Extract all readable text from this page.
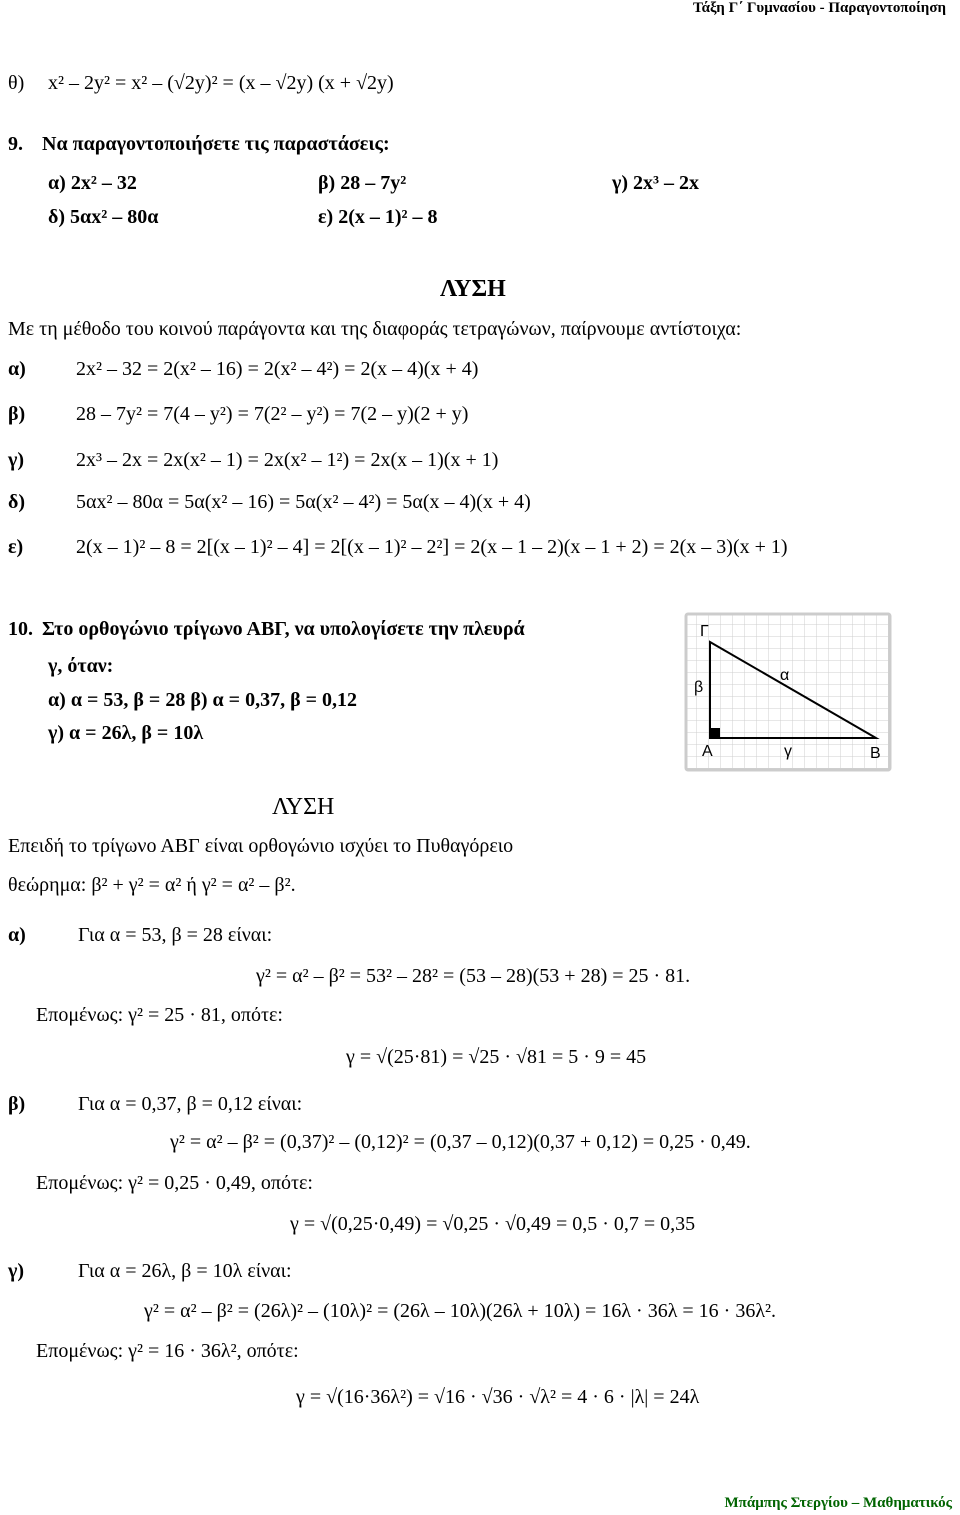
Τάξη Γ΄ Γυμνασίου - Παραγοντοποίηση
θ) x² – 2y² = x² – (√2y)² = (x – √2y) (x + √2y)
9. Να παραγοντοποιήσετε τις παραστάσεις:
α) 2x² – 32	β) 28 – 7y²	γ) 2x³ – 2x
δ) 5αx² – 80α	ε) 2(x – 1)² – 8
ΛΥΣΗ
Με τη μέθοδο του κοινού παράγοντα και της διαφοράς τετραγώνων, παίρνουμε αντίστοιχα:
α)	2x² – 32 = 2(x² – 16) = 2(x² – 4²) = 2(x – 4)(x + 4)
β)	28 – 7y² = 7(4 – y²) = 7(2² – y²) = 7(2 – y)(2 + y)
γ)	2x³ – 2x = 2x(x² – 1) = 2x(x² – 1²) = 2x(x – 1)(x + 1)
δ)	5αx² – 80α = 5α(x² – 16) = 5α(x² – 4²) = 5α(x – 4)(x + 4)
ε)	2(x – 1)² – 8 = 2[(x – 1)² – 4] = 2[(x – 1)² – 2²] = 2(x – 1 – 2)(x – 1 + 2) = 2(x – 3)(x + 1)
10. Στο ορθογώνιο τρίγωνο ΑΒΓ, να υπολογίσετε την πλευρά
γ, όταν:
α) α = 53, β = 28 β) α = 0,37, β = 0,12
γ) α = 26λ, β = 10λ
Γ
Α	Β
α
β
γ
ΛΥΣΗ
Επειδή το τρίγωνο ΑΒΓ είναι ορθογώνιο ισχύει το Πυθαγόρειο
θεώρημα: β² + γ² = α² ή γ² = α² – β².
α)	Για α = 53, β = 28 είναι:
γ² = α² – β² = 53² – 28² = (53 – 28)(53 + 28) = 25 · 81.
Επομένως: γ² = 25 · 81, οπότε:
γ = √(25·81) = √25 · √81 = 5 · 9 = 45
β)	Για α = 0,37, β = 0,12 είναι:
γ² = α² – β² = (0,37)² – (0,12)² = (0,37 – 0,12)(0,37 + 0,12) = 0,25 · 0,49.
Επομένως: γ² = 0,25 · 0,49, οπότε:
γ = √(0,25·0,49) = √0,25 · √0,49 = 0,5 · 0,7 = 0,35
γ)	Για α = 26λ, β = 10λ είναι:
γ² = α² – β² = (26λ)² – (10λ)² = (26λ – 10λ)(26λ + 10λ) = 16λ · 36λ = 16 · 36λ².
Επομένως: γ² = 16 · 36λ², οπότε:
γ = √(16·36λ²) = √16 · √36 · √λ² = 4 · 6 · |λ| = 24λ
Μπάμπης Στεργίου – Μαθηματικός
